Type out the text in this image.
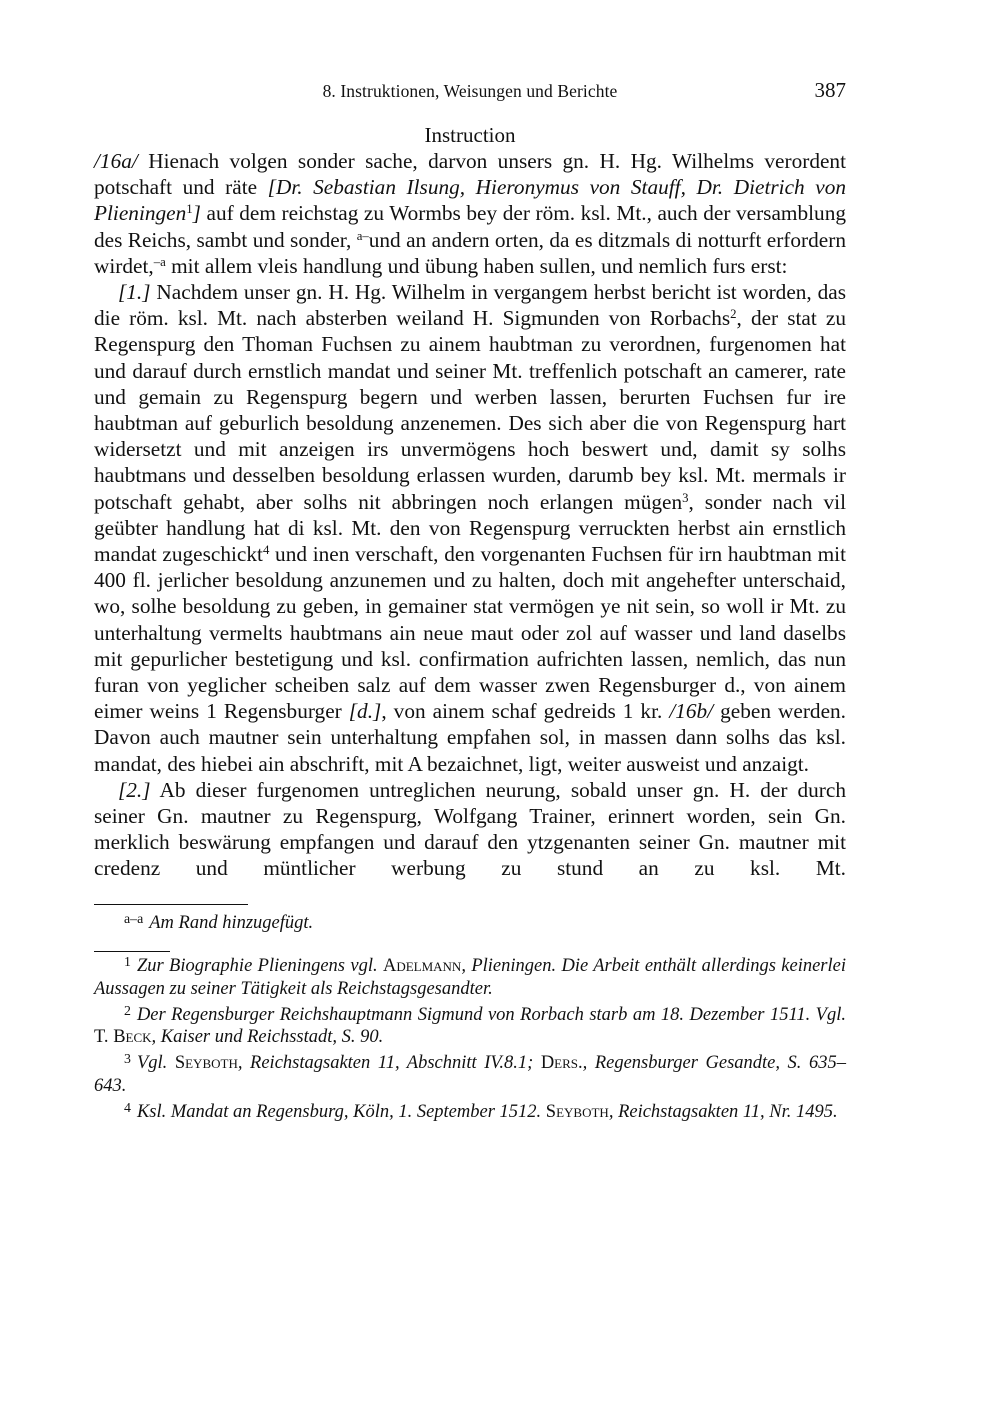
8. Instruktionen, Weisungen und Berichte	387
Instruction

/16a/ Hienach volgen sonder sache, darvon unsers gn. H. Hg. Wilhelms verordent potschaft und räte [Dr. Sebastian Ilsung, Hieronymus von Stauff, Dr. Dietrich von Plieningen$^1$] auf dem reichstag zu Wormbs bey der röm. ksl. Mt., auch der versamblung des Reichs, sambt und sonder, $^{a-}$und an andern orten, da es ditzmals di notturft erfordern wirdet,$^{-a}$ mit allem vleis handlung und übung haben sullen, und nemlich furs erst:

[1.] Nachdem unser gn. H. Hg. Wilhelm in vergangem herbst bericht ist worden, das die röm. ksl. Mt. nach absterben weiland H. Sigmunden von Rorbachs$^2$, der stat zu Regenspurg den Thoman Fuchsen zu ainem haubtman zu verordnen, furgenomen hat und darauf durch ernstlich mandat und seiner Mt. treffenlich potschaft an camerer, rate und gemain zu Regenspurg begern und werben lassen, berurten Fuchsen fur ire haubtman auf geburlich besoldung anzenemen. Des sich aber die von Regenspurg hart widersetzt und mit anzeigen irs unvermögens hoch beswert und, damit sy solhs haubtmans und desselben besoldung erlassen wurden, darumb bey ksl. Mt. mermals ir potschaft gehabt, aber solhs nit abbringen noch erlangen mügen$^3$, sonder nach vil geübter handlung hat di ksl. Mt. den von Regenspurg verruckten herbst ain ernstlich mandat zugeschickt$^4$ und inen verschaft, den vorgenanten Fuchsen für irn haubtman mit 400 fl. jerlicher besoldung anzunemen und zu halten, doch mit angehefter unterschaid, wo, solhe besoldung zu geben, in gemainer stat vermögen ye nit sein, so woll ir Mt. zu unterhaltung vermelts haubtmans ain neue maut oder zol auf wasser und land daselbs mit gepurlicher bestetigung und ksl. confirmation aufrichten lassen, nemlich, das nun furan von yeglicher scheiben salz auf dem wasser zwen Regensburger d., von ainem eimer weins 1 Regensburger [d.], von ainem schaf gedreids 1 kr. /16b/ geben werden. Davon auch mautner sein unterhaltung empfahen sol, in massen dann solhs das ksl. mandat, des hiebei ain abschrift, mit A bezaichnet, ligt, weiter ausweist und anzaigt.

[2.] Ab dieser furgenomen untreglichen neurung, sobald unser gn. H. der durch seiner Gn. mautner zu Regenspurg, Wolfgang Trainer, erinnert worden, sein Gn. merklich beswärung empfangen und darauf den ytzgenanten seiner Gn. mautner mit credenz und müntlicher werbung zu stund an zu ksl. Mt.

$^{a-a}$ Am Rand hinzugefügt.

$^1$ Zur Biographie Plieningens vgl. Adelmann, Plieningen. Die Arbeit enthält allerdings keinerlei Aussagen zu seiner Tätigkeit als Reichstagsgesandter.

$^2$ Der Regensburger Reichshauptmann Sigmund von Rorbach starb am 18. Dezember 1511. Vgl. T. Beck, Kaiser und Reichsstadt, S. 90.

$^3$ Vgl. Seyboth, Reichstagsakten 11, Abschnitt IV.8.1; Ders., Regensburger Gesandte, S. 635–643.

$^4$ Ksl. Mandat an Regensburg, Köln, 1. September 1512. Seyboth, Reichstagsakten 11, Nr. 1495.
